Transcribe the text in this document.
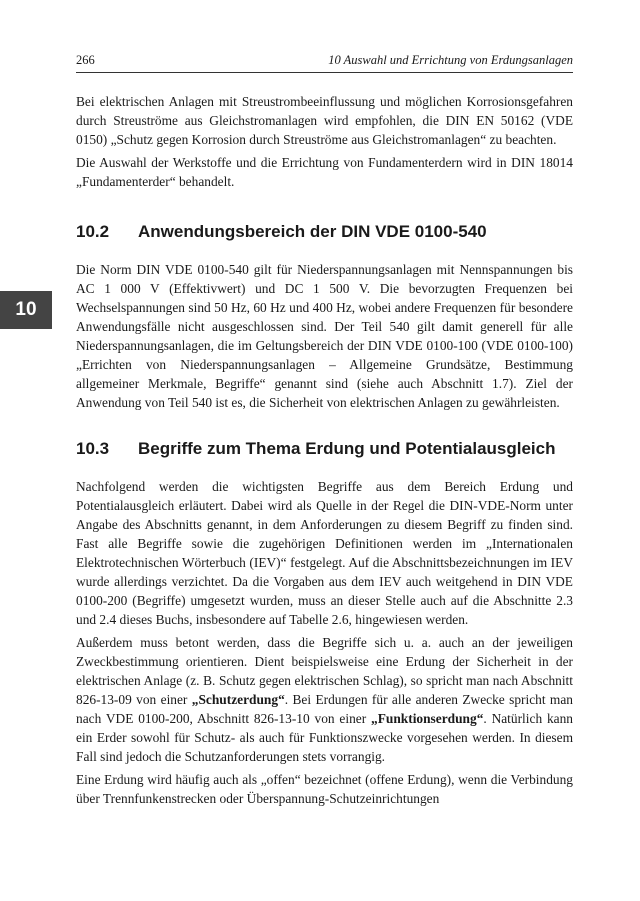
266	10 Auswahl und Errichtung von Erdungsanlagen
10

Bei elektrischen Anlagen mit Streustrombeeinflussung und möglichen Korrosionsgefahren durch Streuströme aus Gleichstromanlagen wird empfohlen, die DIN EN 50162 (VDE 0150) „Schutz gegen Korrosion durch Streuströme aus Gleichstromanlagen“ zu beachten.

Die Auswahl der Werkstoffe und die Errichtung von Fundamenterdern wird in DIN 18014 „Fundamenterder“ behandelt.

10.2 Anwendungsbereich der DIN VDE 0100-540

Die Norm DIN VDE 0100-540 gilt für Niederspannungsanlagen mit Nennspannungen bis AC 1 000 V (Effektivwert) und DC 1 500 V. Die bevorzugten Frequenzen bei Wechselspannungen sind 50 Hz, 60 Hz und 400 Hz, wobei andere Frequenzen für besondere Anwendungsfälle nicht ausgeschlossen sind. Der Teil 540 gilt damit generell für alle Niederspannungsanlagen, die im Geltungsbereich der DIN VDE 0100-100 (VDE 0100-100) „Errichten von Niederspannungsanlagen – Allgemeine Grundsätze, Bestimmung allgemeiner Merkmale, Begriffe“ genannt sind (siehe auch Abschnitt 1.7). Ziel der Anwendung von Teil 540 ist es, die Sicherheit von elektrischen Anlagen zu gewährleisten.

10.3 Begriffe zum Thema Erdung und Potentialausgleich

Nachfolgend werden die wichtigsten Begriffe aus dem Bereich Erdung und Potentialausgleich erläutert. Dabei wird als Quelle in der Regel die DIN-VDE-Norm unter Angabe des Abschnitts genannt, in dem Anforderungen zu diesem Begriff zu finden sind. Fast alle Begriffe sowie die zugehörigen Definitionen werden im „Internationalen Elektrotechnischen Wörterbuch (IEV)“ festgelegt. Auf die Abschnittsbezeichnungen im IEV wurde allerdings verzichtet. Da die Vorgaben aus dem IEV auch weitgehend in DIN VDE 0100-200 (Begriffe) umgesetzt wurden, muss an dieser Stelle auch auf die Abschnitte 2.3 und 2.4 dieses Buchs, insbesondere auf Tabelle 2.6, hingewiesen werden.

Außerdem muss betont werden, dass die Begriffe sich u. a. auch an der jeweiligen Zweckbestimmung orientieren. Dient beispielsweise eine Erdung der Sicherheit in der elektrischen Anlage (z. B. Schutz gegen elektrischen Schlag), so spricht man nach Abschnitt 826-13-09 von einer „Schutzerdung“. Bei Erdungen für alle anderen Zwecke spricht man nach VDE 0100-200, Abschnitt 826-13-10 von einer „Funktionserdung“. Natürlich kann ein Erder sowohl für Schutz- als auch für Funktionszwecke vorgesehen werden. In diesem Fall sind jedoch die Schutzanforderungen stets vorrangig.

Eine Erdung wird häufig auch als „offen“ bezeichnet (offene Erdung), wenn die Verbindung über Trennfunkenstrecken oder Überspannung-Schutzeinrichtungen
